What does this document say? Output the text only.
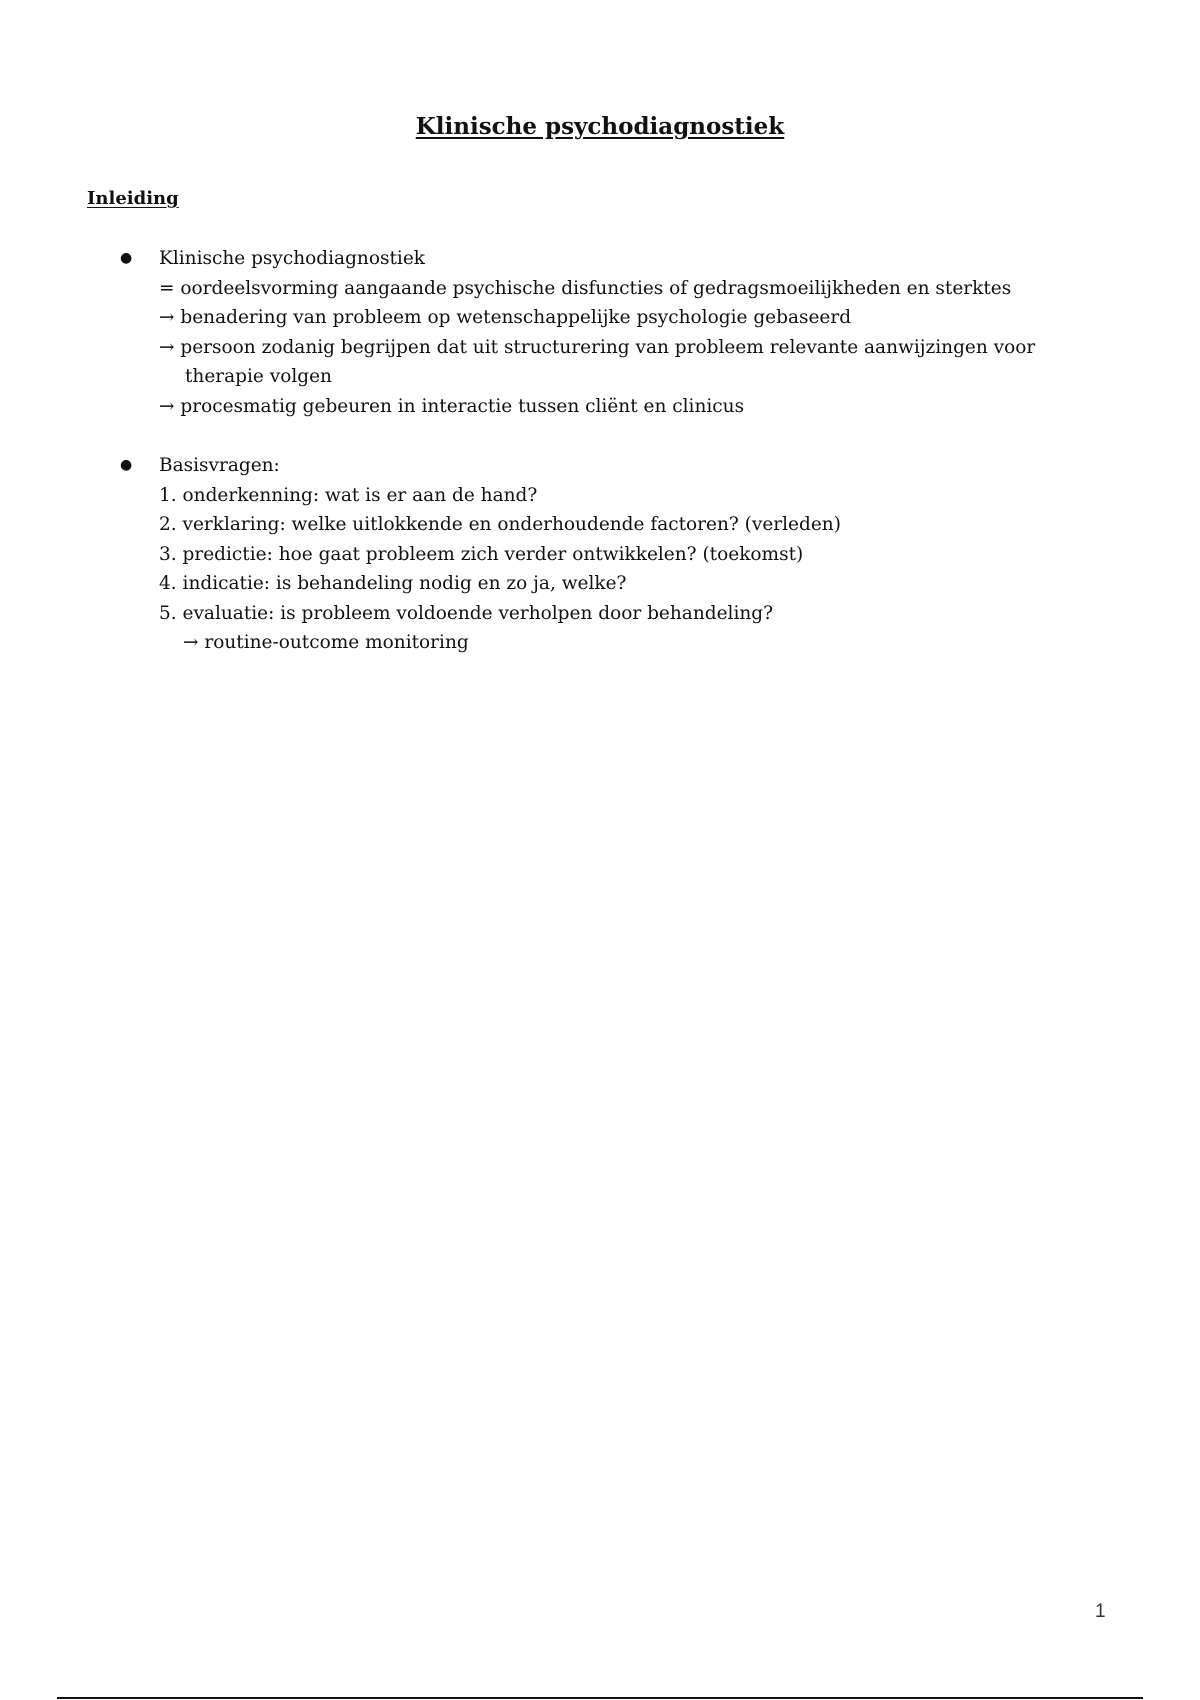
Klinische psychodiagnostiek
Inleiding
●	Klinische psychodiagnostiek
= oordeelsvorming aangaande psychische disfuncties of gedragsmoeilijkheden en sterktes
→ benadering van probleem op wetenschappelijke psychologie gebaseerd
→ persoon zodanig begrijpen dat uit structurering van probleem relevante aanwijzingen voor
therapie volgen
→ procesmatig gebeuren in interactie tussen cliënt en clinicus
●	Basisvragen:
1. onderkenning: wat is er aan de hand?
2. verklaring: welke uitlokkende en onderhoudende factoren? (verleden)
3. predictie: hoe gaat probleem zich verder ontwikkelen? (toekomst)
4. indicatie: is behandeling nodig en zo ja, welke?
5. evaluatie: is probleem voldoende verholpen door behandeling?
→ routine-outcome monitoring
1
